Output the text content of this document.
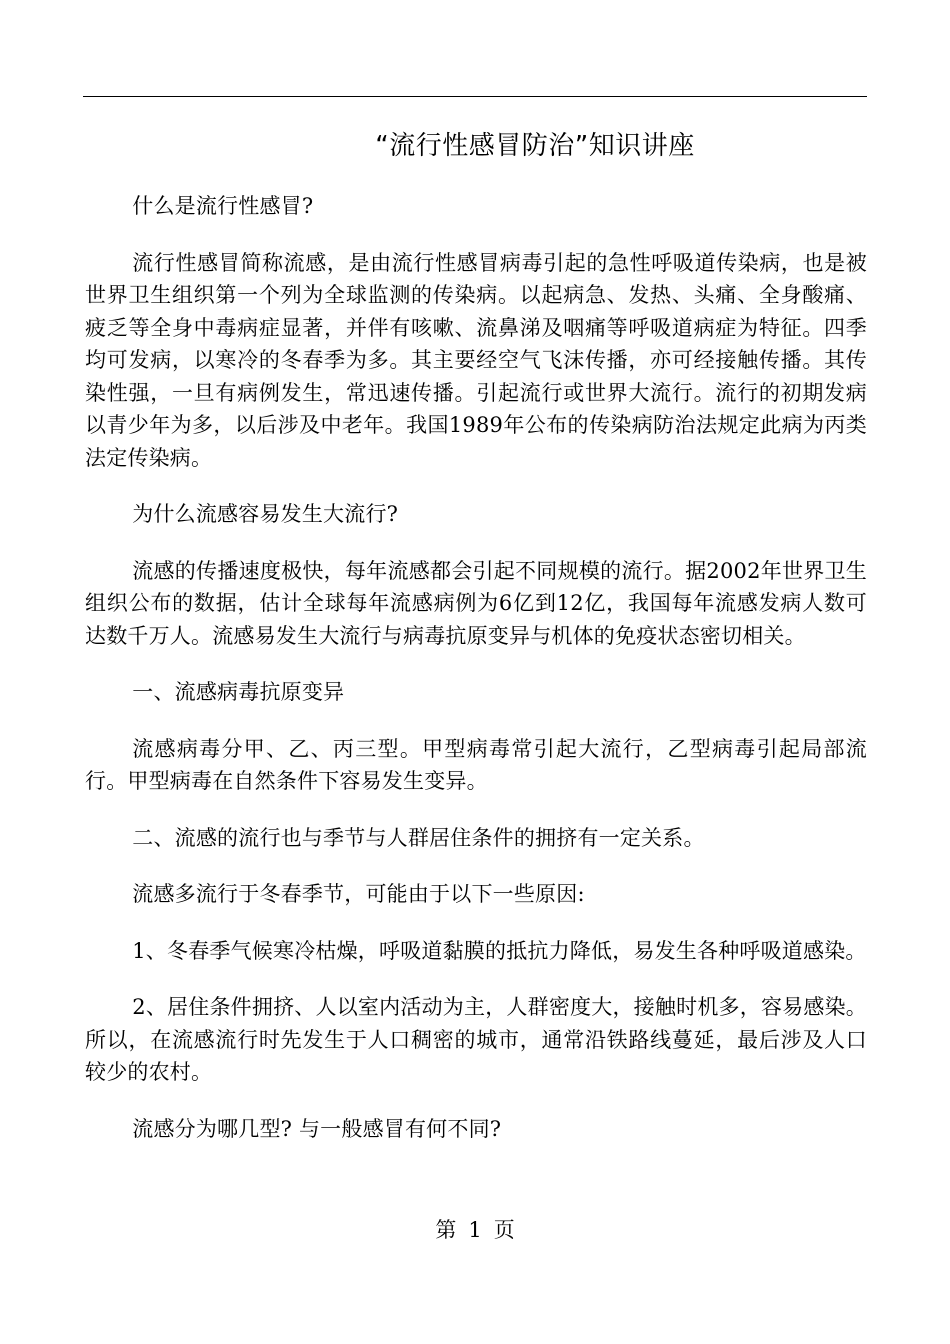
“流行性感冒防治”知识讲座

什么是流行性感冒?

流行性感冒简称流感，是由流行性感冒病毒引起的急性呼吸道传染病，也是被世界卫生组织第一个列为全球监测的传染病。以起病急、发热、头痛、全身酸痛、疲乏等全身中毒病症显著，并伴有咳嗽、流鼻涕及咽痛等呼吸道病症为特征。四季均可发病，以寒冷的冬春季为多。其主要经空气飞沫传播，亦可经接触传播。其传染性强，一旦有病例发生，常迅速传播。引起流行或世界大流行。流行的初期发病以青少年为多，以后涉及中老年。我国1989年公布的传染病防治法规定此病为丙类法定传染病。

为什么流感容易发生大流行?

流感的传播速度极快，每年流感都会引起不同规模的流行。据2002年世界卫生组织公布的数据，估计全球每年流感病例为6亿到12亿，我国每年流感发病人数可达数千万人。流感易发生大流行与病毒抗原变异与机体的免疫状态密切相关。

一、流感病毒抗原变异

流感病毒分甲、乙、丙三型。甲型病毒常引起大流行，乙型病毒引起局部流行。甲型病毒在自然条件下容易发生变异。

二、流感的流行也与季节与人群居住条件的拥挤有一定关系。

流感多流行于冬春季节，可能由于以下一些原因:

1、冬春季气候寒冷枯燥，呼吸道黏膜的抵抗力降低，易发生各种呼吸道感染。

2、居住条件拥挤、人以室内活动为主，人群密度大，接触时机多，容易感染。所以，在流感流行时先发生于人口稠密的城市，通常沿铁路线蔓延，最后涉及人口较少的农村。

流感分为哪几型? 与一般感冒有何不同?

第 1 页
